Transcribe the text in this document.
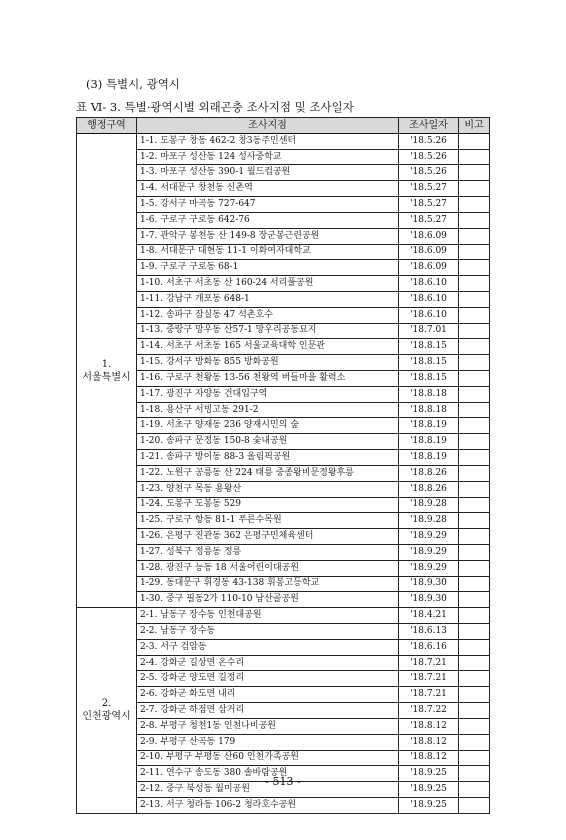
(3) 특별시, 광역시
표 Ⅵ- 3. 특별·광역시별 외래곤충 조사지점 및 조사일자
행정구역	조사지점	조사일자	비고

1.
서울특별시	1-1. 도봉구 창동 462-2 창3동주민센터	'18.5.26	
	1-2. 마포구 성산동 124 성사중학교	'18.5.26	
	1-3. 마포구 성산동 390-1 월드컵공원	'18.5.26	
	1-4. 서대문구 창천동 신촌역	'18.5.27	
	1-5. 강서구 마곡동 727-647	'18.5.27	
	1-6. 구로구 구로동 642-76	'18.5.27	
	1-7. 관악구 봉천동 산 149-8 장군봉근린공원	'18.6.09	
	1-8. 서대문구 대현동 11-1 이화여자대학교	'18.6.09	
	1-9. 구로구 구로동 68-1	'18.6.09	
	1-10. 서초구 서초동 산 160-24 서리풀공원	'18.6.10	
	1-11. 강남구 개포동 648-1	'18.6.10	
	1-12. 송파구 잠실동 47 석촌호수	'18.6.10	
	1-13. 중랑구 망우동 산57-1 망우리공동묘지	'18.7.01	
	1-14. 서초구 서초동 165 서울교육대학 인문관	'18.8.15	
	1-15. 강서구 방화동 855 방화공원	'18.8.15	
	1-16. 구로구 천왕동 13-56 천왕역 버들마을 활력소	'18.8.15	
	1-17. 광진구 자양동 건대입구역	'18.8.18	
	1-18. 용산구 서빙고동 291-2	'18.8.18	
	1-19. 서초구 양재동 236 양재시민의 숲	'18.8.19	
	1-20. 송파구 문정동 150-8 숯내공원	'18.8.19	
	1-21. 송파구 방이동 88-3 올림픽공원	'18.8.19	
	1-22. 노원구 공릉동 산 224 태릉 중종왕비문정왕후릉	'18.8.26	
	1-23. 양천구 목동 용왕산	'18.8.26	
	1-24. 도봉구 도봉동 529	'18.9.28	
	1-25. 구로구 항동 81-1 푸른수목원	'18.9.28	
	1-26. 은평구 진관동 362 은평구민체육센터	'18.9.29	
	1-27. 성북구 정릉동 정릉	'18.9.29	
	1-28. 광진구 능동 18 서울어린이대공원	'18.9.29	
	1-29. 동대문구 휘경동 43-138 휘봉고등학교	'18.9.30	
	1-30. 중구 필동2가 110-10 남산골공원	'18.9.30	

2.
인천광역시	2-1. 남동구 장수동 인천대공원	'18.4.21	
	2-2. 남동구 장수동	'18.6.13	
	2-3. 서구 검암동	'18.6.16	
	2-4. 강화군 길상면 온수리	'18.7.21	
	2-5. 강화군 양도면 길정리	'18.7.21	
	2-6. 강화군 화도면 내리	'18.7.21	
	2-7. 강화군 하점면 삼거리	'18.7.22	
	2-8. 부평구 청천1동 인천나비공원	'18.8.12	
	2-9. 부평구 산곡동 179	'18.8.12	
	2-10. 부평구 부평동 산60 인천가족공원	'18.8.12	
	2-11. 연수구 송도동 380 솔바람공원	'18.9.25	
	2-12. 중구 북성동 월미공원	'18.9.25	
	2-13. 서구 청라동 106-2 청라호수공원	'18.9.25	
- 513 -
